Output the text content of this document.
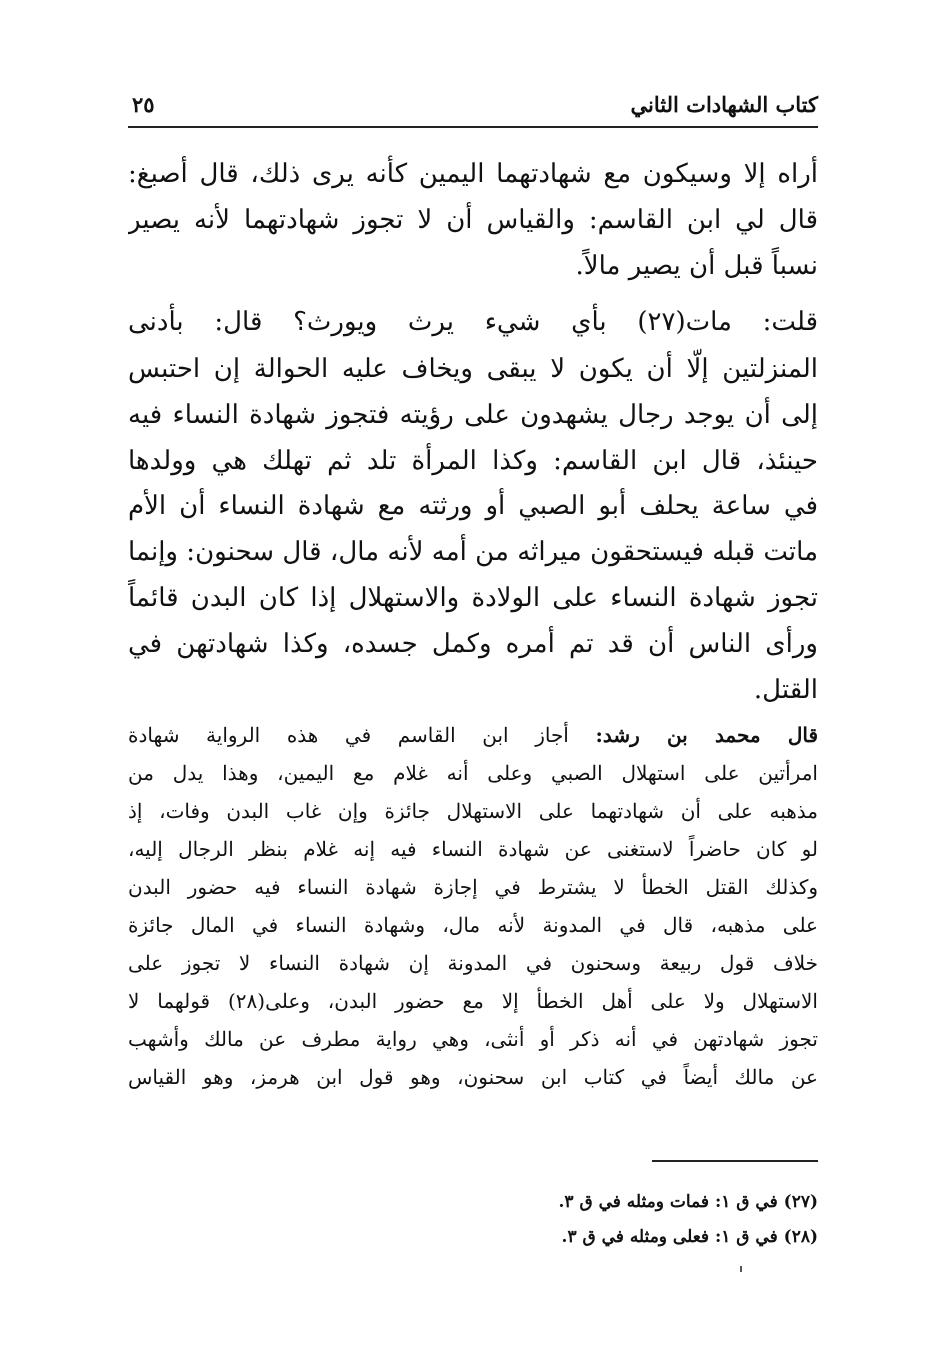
كتاب الشهادات الثاني
٢٥
أراه إلا وسيكون مع شهادتهما اليمين كأنه يرى ذلك، قال أصبغ:
قال لي ابن القاسم: والقياس أن لا تجوز شهادتهما لأنه يصير
نسباً قبل أن يصير مالاً.
قلت: مات(٢٧) بأي شيء يرث ويورث؟ قال: بأدنى
المنزلتين إلّا أن يكون لا يبقى ويخاف عليه الحوالة إن احتبس
إلى أن يوجد رجال يشهدون على رؤيته فتجوز شهادة النساء فيه
حينئذ، قال ابن القاسم: وكذا المرأة تلد ثم تهلك هي وولدها
في ساعة يحلف أبو الصبي أو ورثته مع شهادة النساء أن الأم
ماتت قبله فيستحقون ميراثه من أمه لأنه مال، قال سحنون: وإنما
تجوز شهادة النساء على الولادة والاستهلال إذا كان البدن قائماً
ورأى الناس أن قد تم أمره وكمل جسده، وكذا شهادتهن في
القتل.
قال محمد بن رشد: أجاز ابن القاسم في هذه الرواية شهادة
امرأتين على استهلال الصبي وعلى أنه غلام مع اليمين، وهذا يدل من
مذهبه على أن شهادتهما على الاستهلال جائزة وإن غاب البدن وفات، إذ
لو كان حاضراً لاستغنى عن شهادة النساء فيه إنه غلام بنظر الرجال إليه،
وكذلك القتل الخطأ لا يشترط في إجازة شهادة النساء فيه حضور البدن
على مذهبه، قال في المدونة لأنه مال، وشهادة النساء في المال جائزة
خلاف قول ربيعة وسحنون في المدونة إن شهادة النساء لا تجوز على
الاستهلال ولا على أهل الخطأ إلا مع حضور البدن، وعلى(٢٨) قولهما لا
تجوز شهادتهن في أنه ذكر أو أنثى، وهي رواية مطرف عن مالك وأشهب
عن مالك أيضاً في كتاب ابن سحنون، وهو قول ابن هرمز، وهو القياس
(٢٧) في ق ١: فمات ومثله في ق ٣.
(٢٨) في ق ١: فعلى ومثله في ق ٣.
